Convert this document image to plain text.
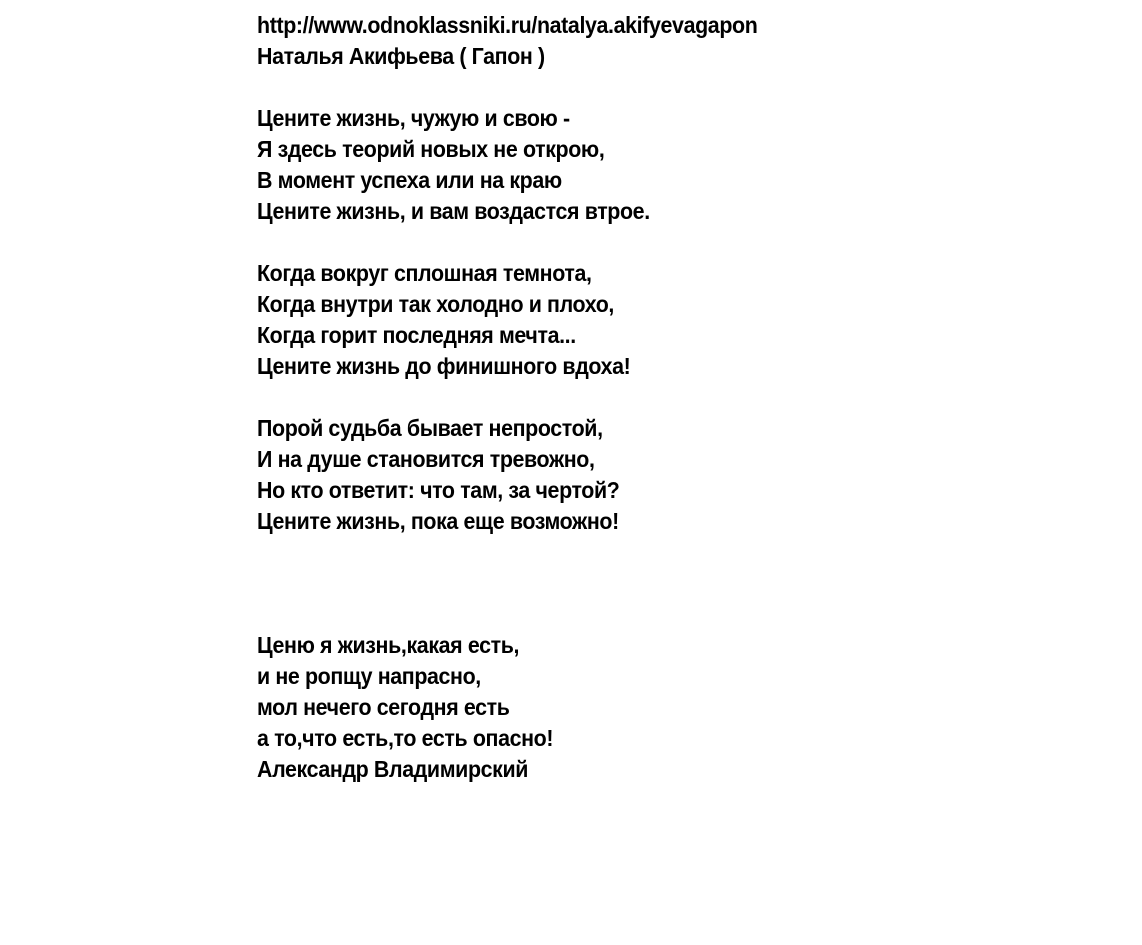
http://www.odnoklassniki.ru/natalya.akifyevagapon
Наталья Акифьева ( Гапон )
Цените жизнь, чужую и свою -
Я здесь теорий новых не открою,
В момент успеха или на краю
Цените жизнь, и вам воздастся втрое.
Когда вокруг сплошная темнота,
Когда внутри так холодно и плохо,
Когда горит последняя мечта...
Цените жизнь до финишного вдоха!
Порой судьба бывает непростой,
И на душе становится тревожно,
Но кто ответит: что там, за чертой?
Цените жизнь, пока еще возможно!
Ценю я жизнь,какая есть,
и не ропщу напрасно,
мол нечего сегодня есть
а то,что есть,то есть опасно!
Александр Владимирский
